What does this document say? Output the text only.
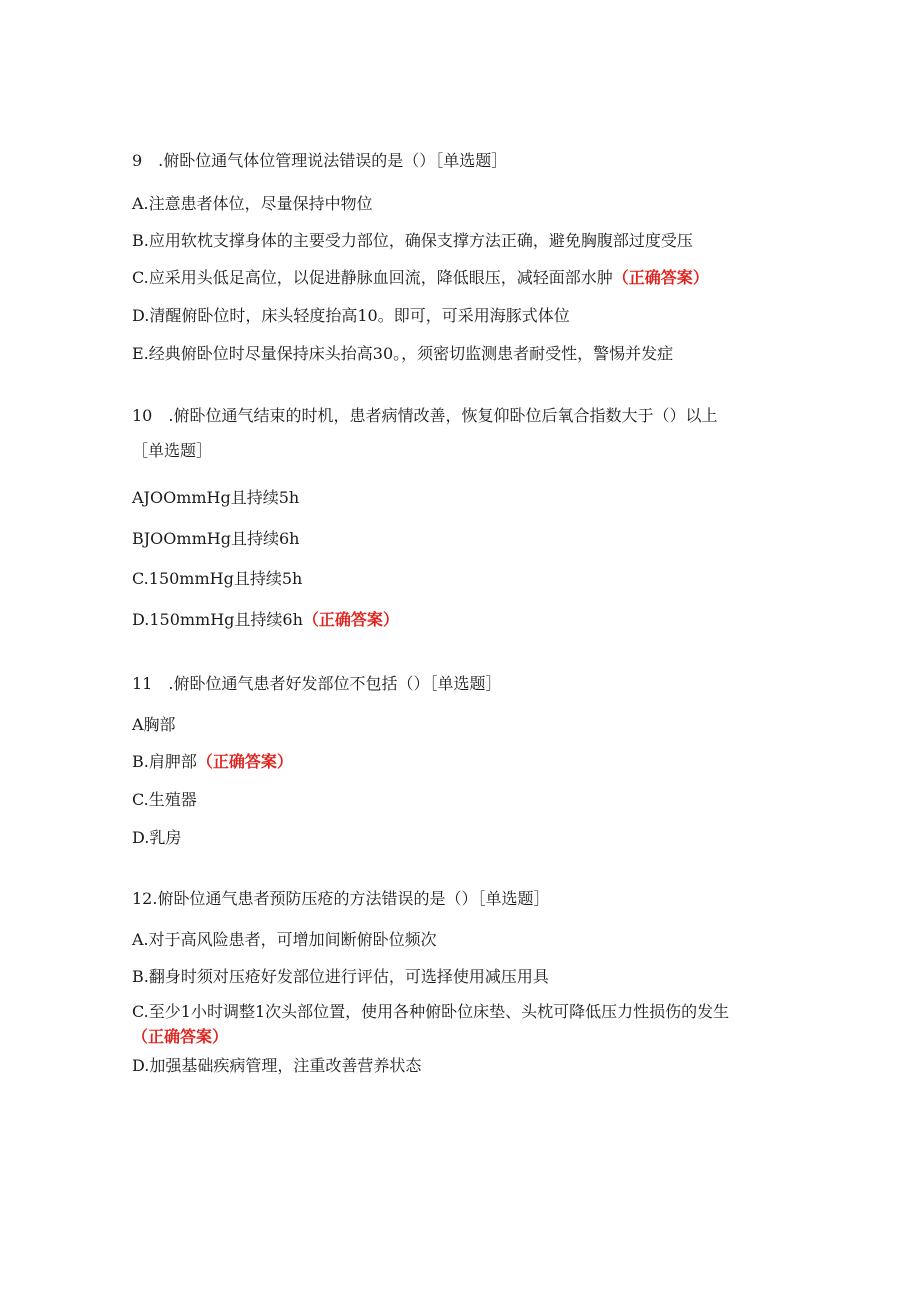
9　.俯卧位通气体位管理说法错误的是（）［单选题］
A.注意患者体位，尽量保持中物位
B.应用软枕支撑身体的主要受力部位，确保支撑方法正确，避免胸腹部过度受压
C.应采用头低足高位，以促进静脉血回流，降低眼压，减轻面部水肿（正确答案）
D.清醒俯卧位时，床头轻度抬高10。即可，可采用海豚式体位
E.经典俯卧位时尽量保持床头抬高30。，须密切监测患者耐受性，警惕并发症
10　.俯卧位通气结束的时机，患者病情改善，恢复仰卧位后氧合指数大于（）以上
［单选题］
AJOOmmHg且持续5h
BJOOmmHg且持续6h
C.150mmHg且持续5h
D.150mmHg且持续6h（正确答案）
11　.俯卧位通气患者好发部位不包括（）［单选题］
A胸部
B.肩胛部（正确答案）
C.生殖器
D.乳房
12.俯卧位通气患者预防压疮的方法错误的是（）［单选题］
A.对于高风险患者，可增加间断俯卧位频次
B.翻身时须对压疮好发部位进行评估，可选择使用减压用具
C.至少1小时调整1次头部位置，使用各种俯卧位床垫、头枕可降低压力性损伤的发生
（正确答案）
D.加强基础疾病管理，注重改善营养状态
